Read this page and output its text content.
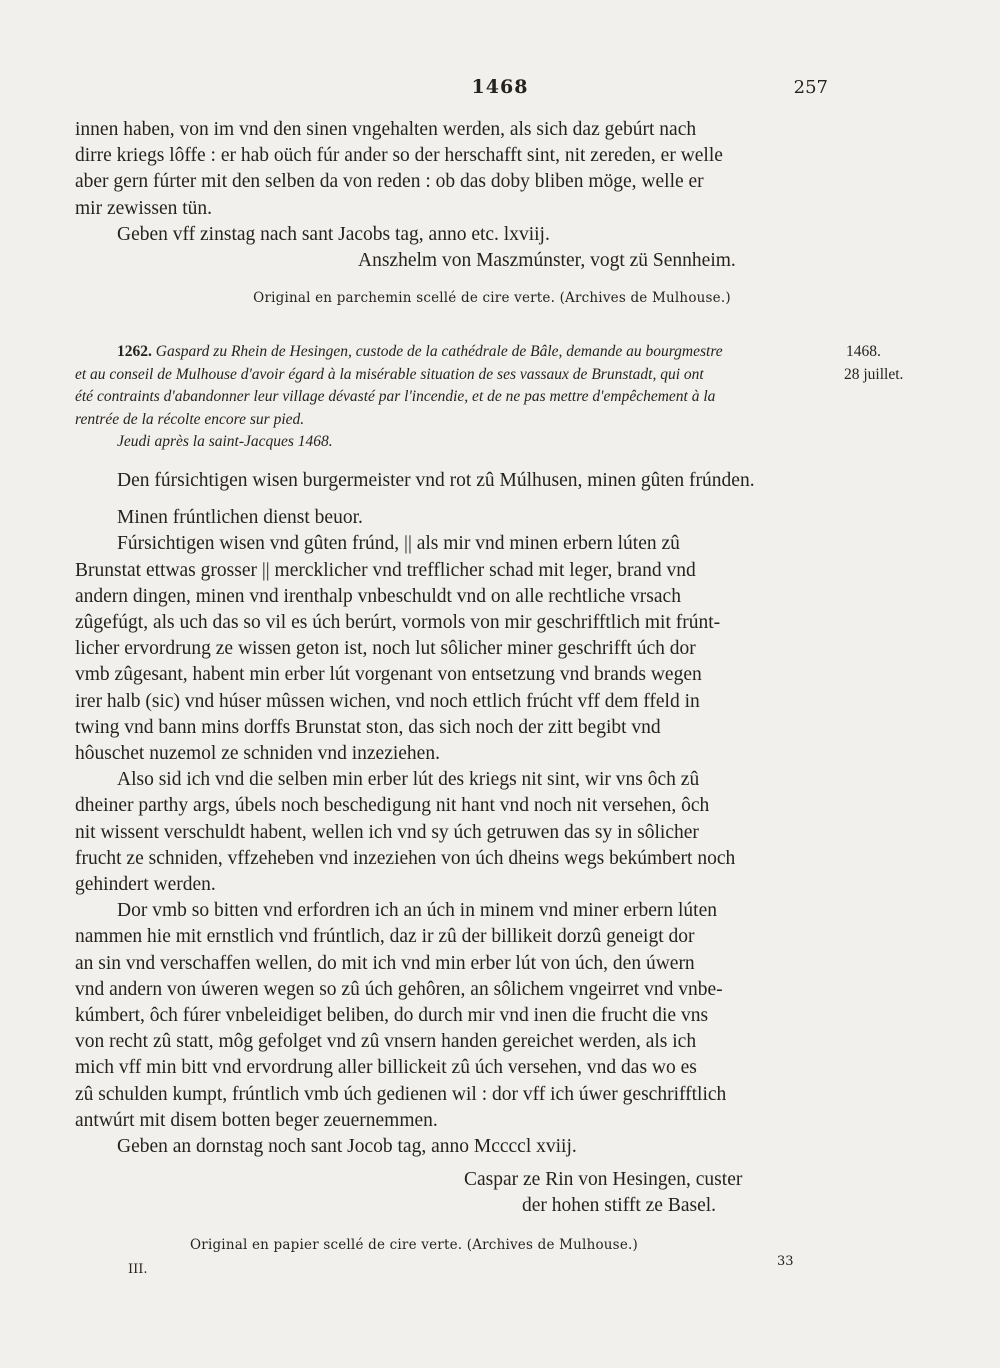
1468	257

innen haben, von im vnd den sinen vngehalten werden, als sich daz gebúrt nach

dirre kriegs lôffe : er hab oüch fúr ander so der herschafft sint, nit zereden, er welle

aber gern fúrter mit den selben da von reden : ob das doby bliben möge, welle er

mir zewissen tün.

Geben vff zinstag nach sant Jacobs tag, anno etc. lxviij.

Anszhelm von Maszmúnster, vogt zü Sennheim.
Original en parchemin scellé de cire verte. (Archives de Mulhouse.)

1262. Gaspard zu Rhein de Hesingen, custode de la cathédrale de Bâle, demande au bourgmestre

et au conseil de Mulhouse d'avoir égard à la misérable situation de ses vassaux de Brunstadt, qui ont

été contraints d'abandonner leur village dévasté par l'incendie, et de ne pas mettre d'empêchement à la

rentrée de la récolte encore sur pied.

Jeudi après la saint-Jacques 1468.

1468.
28 juillet.

Den fúrsichtigen wisen burgermeister vnd rot zû Múlhusen, minen gûten frúnden.

Minen frúntlichen dienst beuor.

Fúrsichtigen wisen vnd gûten frúnd, || als mir vnd minen erbern lúten zû

Brunstat ettwas grosser || mercklicher vnd trefflicher schad mit leger, brand vnd

andern dingen, minen vnd irenthalp vnbeschuldt vnd on alle rechtliche vrsach

zûgefúgt, als uch das so vil es úch berúrt, vormols von mir geschrifftlich mit frúnt-

licher ervordrung ze wissen geton ist, noch lut sôlicher miner geschrifft úch dor

vmb zûgesant, habent min erber lút vorgenant von entsetzung vnd brands wegen

irer halb (sic) vnd húser mûssen wichen, vnd noch ettlich frúcht vff dem ffeld in

twing vnd bann mins dorffs Brunstat ston, das sich noch der zitt begibt vnd

hôuschet nuzemol ze schniden vnd inzeziehen.

Also sid ich vnd die selben min erber lút des kriegs nit sint, wir vns ôch zû

dheiner parthy args, úbels noch beschedigung nit hant vnd noch nit versehen, ôch

nit wissent verschuldt habent, wellen ich vnd sy úch getruwen das sy in sôlicher

frucht ze schniden, vffzeheben vnd inzeziehen von úch dheins wegs bekúmbert noch

gehindert werden.

Dor vmb so bitten vnd erfordren ich an úch in minem vnd miner erbern lúten

nammen hie mit ernstlich vnd frúntlich, daz ir zû der billikeit dorzû geneigt dor

an sin vnd verschaffen wellen, do mit ich vnd min erber lút von úch, den úwern

vnd andern von úweren wegen so zû úch gehôren, an sôlichem vngeirret vnd vnbe-

kúmbert, ôch fúrer vnbeleidiget beliben, do durch mir vnd inen die frucht die vns

von recht zû statt, môg gefolget vnd zû vnsern handen gereichet werden, als ich

mich vff min bitt vnd ervordrung aller billickeit zû úch versehen, vnd das wo es

zû schulden kumpt, frúntlich vmb úch gedienen wil : dor vff ich úwer geschrifftlich

antwúrt mit disem botten beger zeuernemmen.

Geben an dornstag noch sant Jocob tag, anno Mccccl xviij.

Caspar ze Rin von Hesingen, custer
der hohen stifft ze Basel.
Original en papier scellé de cire verte. (Archives de Mulhouse.)
III.
33
